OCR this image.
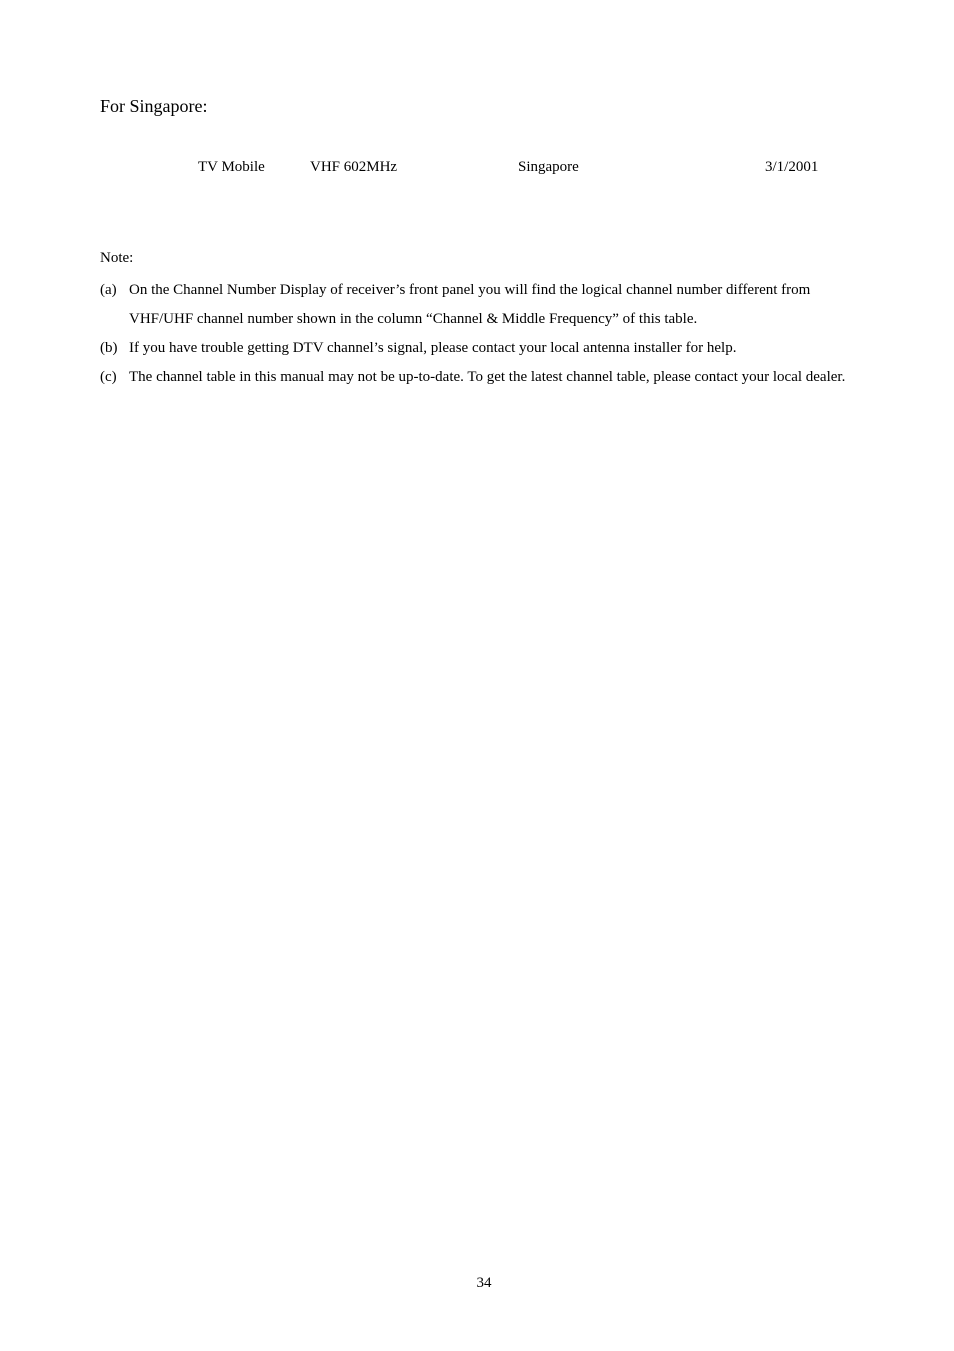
For Singapore:
TV Mobile	VHF 602MHz	Singapore	3/1/2001
Note:
(a) On the Channel Number Display of receiver’s front panel you will find the logical channel number different from VHF/UHF channel number shown in the column “Channel & Middle Frequency” of this table.
(b) If you have trouble getting DTV channel’s signal, please contact your local antenna installer for help.
(c) The channel table in this manual may not be up-to-date. To get the latest channel table, please contact your local dealer.
34
